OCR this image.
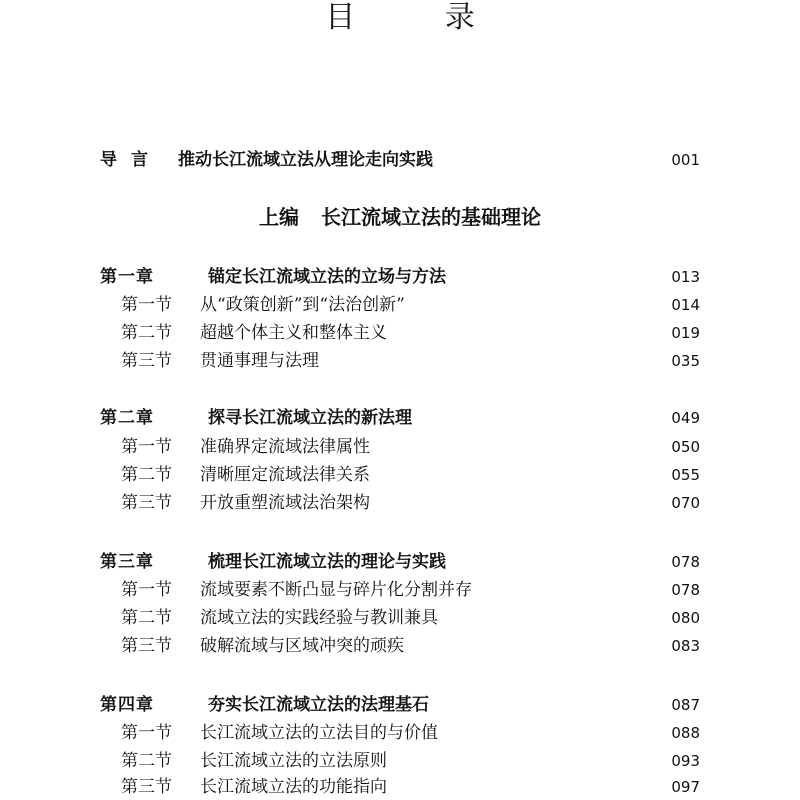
目 录
导言 推动长江流域立法从理论走向实践	001
上编 长江流域立法的基础理论
第一章	锚定长江流域立法的立场与方法	013
第一节 从“政策创新”到“法治创新”	014
第二节 超越个体主义和整体主义	019
第三节 贯通事理与法理	035
第二章	探寻长江流域立法的新法理	049
第一节 准确界定流域法律属性	050
第二节 清晰厘定流域法律关系	055
第三节 开放重塑流域法治架构	070
第三章	梳理长江流域立法的理论与实践	078
第一节 流域要素不断凸显与碎片化分割并存	078
第二节 流域立法的实践经验与教训兼具	080
第三节 破解流域与区域冲突的顽疾	083
第四章	夯实长江流域立法的法理基石	087
第一节 长江流域立法的立法目的与价值	088
第二节 长江流域立法的立法原则	093
第三节 长江流域立法的功能指向	097
